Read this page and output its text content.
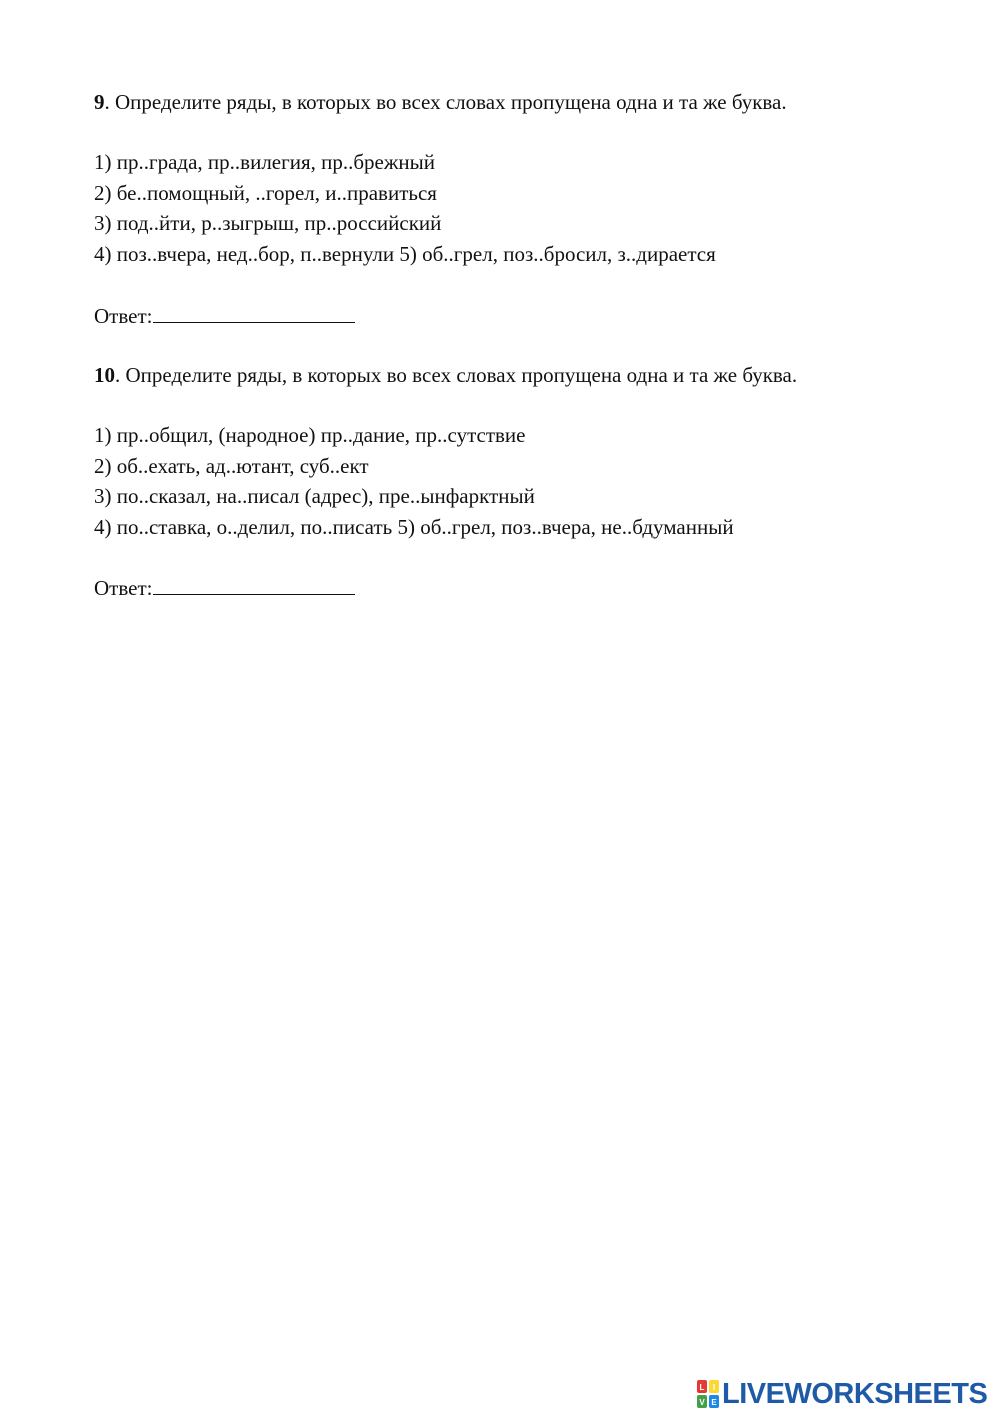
9. Определите ряды, в которых во всех словах пропущена одна и та же буква.
1) пр..града, пр..вилегия, пр..брежный
2) бе..помощный, ..горел, и..правиться
3) под..йти, р..зыгрыш, пр..российский
4) поз..вчера, нед..бор, п..вернули 5) об..грел, поз..бросил, з..дирается
Ответ:
10. Определите ряды, в которых во всех словах пропущена одна и та же буква.
1) пр..общил, (народное) пр..дание, пр..сутствие
2) об..ехать, ад..ютант, суб..ект
3) по..сказал, на..писал (адрес), пре..ынфарктный
4) по..ставка, о..делил, по..писать 5) об..грел, поз..вчера, не..бдуманный
Ответ:
L I
V E LIVEWORKSHEETS
